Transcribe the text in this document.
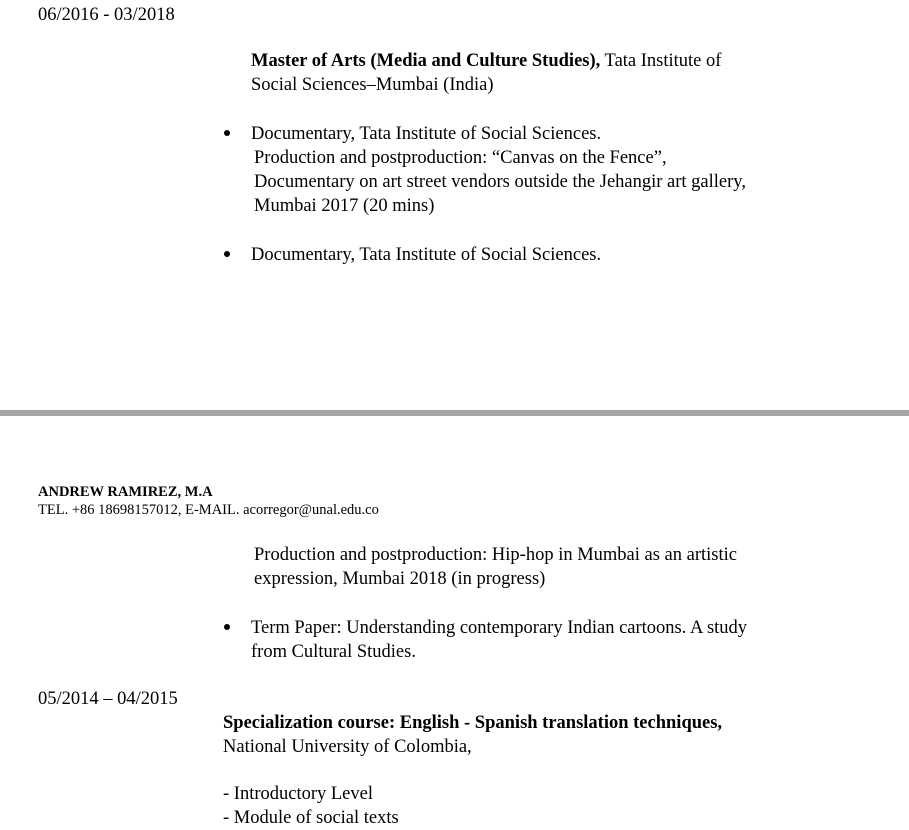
06/2016 - 03/2018
Master of Arts (Media and Culture Studies), Tata Institute of
Social Sciences–Mumbai (India)
Documentary, Tata Institute of Social Sciences.
Production and postproduction: “Canvas on the Fence”,
Documentary on art street vendors outside the Jehangir art gallery,
Mumbai 2017 (20 mins)
Documentary, Tata Institute of Social Sciences.
ANDREW RAMIREZ, M.A
TEL. +86 18698157012, E-MAIL. acorregor@unal.edu.co
Production and postproduction: Hip-hop in Mumbai as an artistic
expression, Mumbai 2018 (in progress)
Term Paper: Understanding contemporary Indian cartoons. A study
from Cultural Studies.
05/2014 – 04/2015
Specialization course: English - Spanish translation techniques,
National University of Colombia,
- Introductory Level
- Module of social texts
